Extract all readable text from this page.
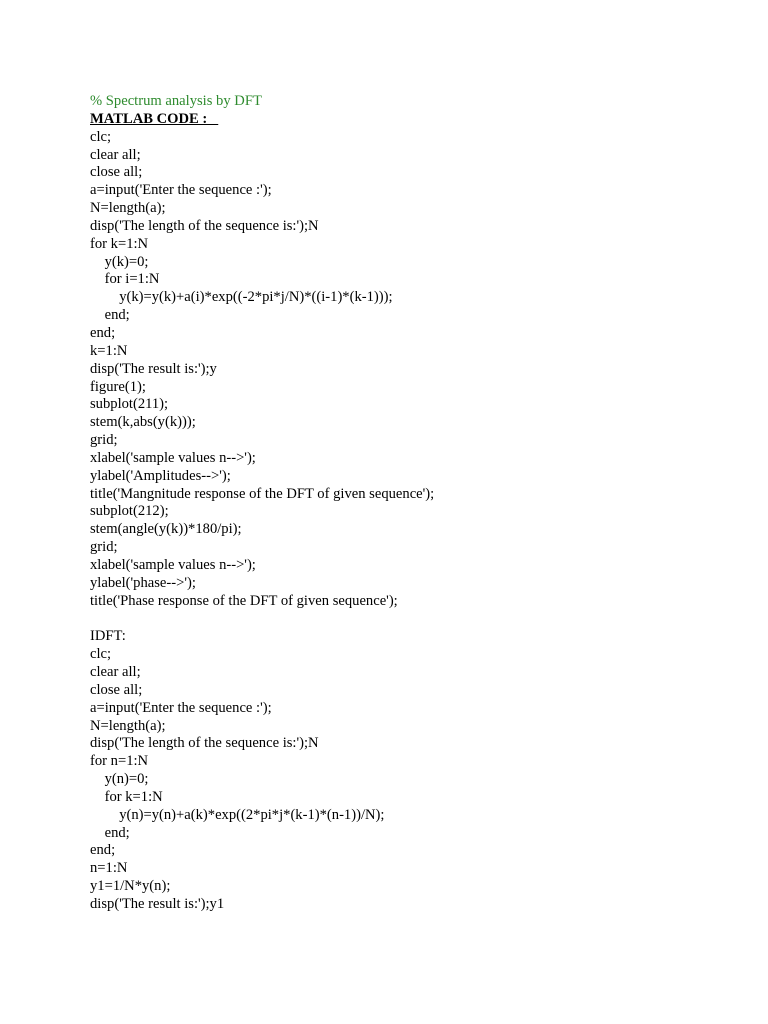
% Spectrum analysis by DFT
MATLAB CODE :
clc;
clear all;
close all;
a=input('Enter the sequence :');
N=length(a);
disp('The length of the sequence is:');N
for k=1:N
y(k)=0;
for i=1:N
y(k)=y(k)+a(i)*exp((-2*pi*j/N)*((i-1)*(k-1)));
end;
end;
k=1:N
disp('The result is:');y
figure(1);
subplot(211);
stem(k,abs(y(k)));
grid;
xlabel('sample values n-->');
ylabel('Amplitudes-->');
title('Mangnitude response of the DFT of given sequence');
subplot(212);
stem(angle(y(k))*180/pi);
grid;
xlabel('sample values n-->');
ylabel('phase-->');
title('Phase response of the DFT of given sequence');
IDFT:
clc;
clear all;
close all;
a=input('Enter the sequence :');
N=length(a);
disp('The length of the sequence is:');N
for n=1:N
y(n)=0;
for k=1:N
y(n)=y(n)+a(k)*exp((2*pi*j*(k-1)*(n-1))/N);
end;
end;
n=1:N
y1=1/N*y(n);
disp('The result is:');y1
